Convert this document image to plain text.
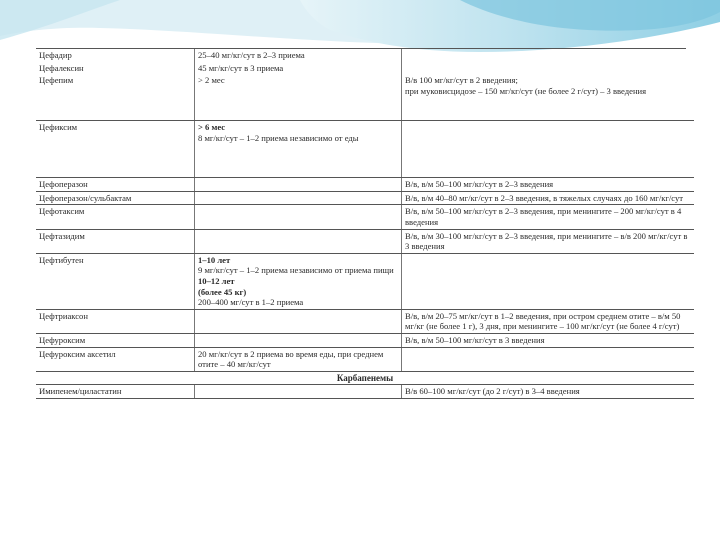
Цефадир	25–40 мг/кг/сут в 2–3 приема	
Цефалексин	45 мг/кг/сут в 3 приема	
Цефепим	> 2 мес	В/в 100 мг/кг/сут в 2 введения;
при муковисцидозе – 150 мг/кг/сут (не более 2 г/сут) – 3 введения

Цефиксим	> 6 мес
8 мг/кг/сут – 1–2 приема независимо от еды	

Цефоперазон		В/в, в/м 50–100 мг/кг/сут в 2–3 введения
Цефоперазон/сульбактам		В/в, в/м 40–80 мг/кг/сут в 2–3 введения, в тяжелых случаях до 160 мг/кг/сут
Цефотаксим		В/в, в/м 50–100 мг/кг/сут в 2–3 введения, при менингите – 200 мг/кг/сут в 4 введения
Цефтазидим		В/в, в/м 30–100 мг/кг/сут в 2–3 введения, при менингите – в/в 200 мг/кг/сут в 3 введения
Цефтибутен	1–10 лет
9 мг/кг/сут – 1–2 приема независимо от приема пищи
10–12 лет
(более 45 кг)
200–400 мг/сут в 1–2 приема	

Цефтриаксон		В/в, в/м 20–75 мг/кг/сут в 1–2 введения, при остром среднем отите – в/м 50 мг/кг (не более 1 г), 3 дня, при менингите – 100 мг/кг/сут (не более 4 г/сут)
Цефуроксим		В/в, в/м 50–100 мг/кг/сут в 3 введения
Цефуроксим аксетил	20 мг/кг/сут в 2 приема во время еды, при среднем отите – 40 мг/кг/сут	
Карбапенемы		
Имипенем/циластатин		В/в 60–100 мг/кг/сут (до 2 г/сут) в 3–4 введения
